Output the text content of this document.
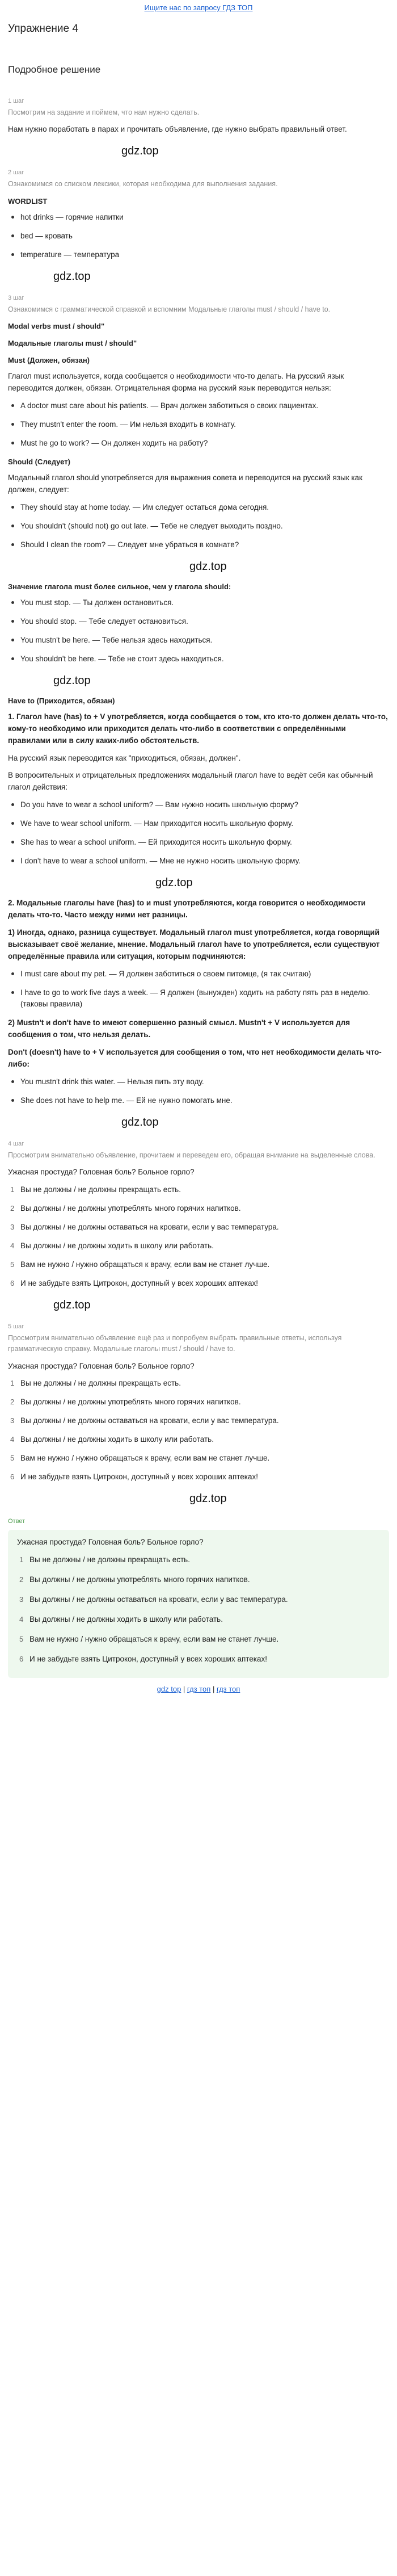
Ищите нас по запросу ГДЗ ТОП
Упражнение 4
Подробное решение
1 шаг
Посмотрим на задание и поймем, что нам нужно сделать.

Нам нужно поработать в парах и прочитать объявление, где нужно выбрать правильный ответ.

gdz.top
2 шаг
Ознакомимся со списком лексики, которая необходима для выполнения задания.
WORDLIST
hot drinks — горячие напитки
bed — кровать
temperature — температура
gdz.top
3 шаг
Ознакомимся с грамматической справкой и вспомним Модальные глаголы must / should / have to.
Modal verbs must / should"
Модальные глаголы must / should"
Must (Должен, обязан)

Глагол must используется, когда сообщается о необходимости что-то делать. На русский язык переводится должен, обязан. Отрицательная форма на русский язык переводится нельзя:

A doctor must care about his patients. — Врач должен заботиться о своих пациентах.
They mustn't enter the room. — Им нельзя входить в комнату.
Must he go to work? — Он должен ходить на работу?
Should (Следует)

Модальный глагол should употребляется для выражения совета и переводится на русский язык как должен, следует:

They should stay at home today. — Им следует остаться дома сегодня.
You shouldn't (should not) go out late. — Тебе не следует выходить поздно.
Should I clean the room? — Следует мне убраться в комнате?
gdz.top
Значение глагола must более сильное, чем у глагола should:
You must stop. — Ты должен остановиться.
You should stop. — Тебе следует остановиться.
You mustn't be here. — Тебе нельзя здесь находиться.
You shouldn't be here. — Тебе не стоит здесь находиться.
gdz.top
Have to (Приходится, обязан)

1. Глагол have (has) to + V употребляется, когда сообщается о том, кто кто-то должен делать что-то, кому-то необходимо или приходится делать что-либо в соответствии с определёнными правилами или в силу каких-либо обстоятельств.

На русский язык переводится как "приходиться, обязан, должен".

В вопросительных и отрицательных предложениях модальный глагол have to ведёт себя как обычный глагол действия:

Do you have to wear a school uniform? — Вам нужно носить школьную форму?
We have to wear school uniform. — Нам приходится носить школьную форму.
She has to wear a school uniform. — Ей приходится носить школьную форму.
I don't have to wear a school uniform. — Мне не нужно носить школьную форму.
gdz.top

2. Модальные глаголы have (has) to и must употребляются, когда говорится о необходимости делать что-то. Часто между ними нет разницы.

1) Иногда, однако, разница существует. Модальный глагол must употребляется, когда говорящий высказывает своё желание, мнение. Модальный глагол have to употребляется, если существуют определённые правила или ситуация, которым подчиняются:

I must care about my pet. — Я должен заботиться о своем питомце, (я так считаю)
I have to go to work five days a week. — Я должен (вынужден) ходить на работу пять раз в неделю. (таковы правила)

2) Mustn't и don't have to имеют совершенно разный смысл. Mustn't + V используется для сообщения о том, что нельзя делать.

Don't (doesn't) have to + V используется для сообщения о том, что нет необходимости делать что-либо:

You mustn't drink this water. — Нельзя пить эту воду.
She does not have to help me. — Ей не нужно помогать мне.
gdz.top
4 шаг
Просмотрим внимательно объявление, прочитаем и переведем его, обращая внимание на выделенные слова.

Ужасная простуда? Головная боль? Больное горло?

1 Вы не должны / не должны прекращать есть.
2 Вы должны / не должны употреблять много горячих напитков.
3 Вы должны / не должны оставаться на кровати, если у вас температура.
4 Вы должны / не должны ходить в школу или работать.
5 Вам не нужно / нужно обращаться к врачу, если вам не станет лучше.
6 И не забудьте взять Цитрокон, доступный у всех хороших аптеках!
gdz.top
5 шаг
Просмотрим внимательно объявление ещё раз и попробуем выбрать правильные ответы, используя грамматическую справку. Модальные глаголы must / should / have to.

Ужасная простуда? Головная боль? Больное горло?

1 Вы не должны / не должны прекращать есть.
2 Вы должны / не должны употреблять много горячих напитков.
3 Вы должны / не должны оставаться на кровати, если у вас температура.
4 Вы должны / не должны ходить в школу или работать.
5 Вам не нужно / нужно обращаться к врачу, если вам не станет лучше.
6 И не забудьте взять Цитрокон, доступный у всех хороших аптеках!
gdz.top
Ответ

Ужасная простуда? Головная боль? Больное горло?

1 Вы не должны / не должны прекращать есть.
2 Вы должны / не должны употреблять много горячих напитков.
3 Вы должны / не должны оставаться на кровати, если у вас температура.
4 Вы должны / не должны ходить в школу или работать.
5 Вам не нужно / нужно обращаться к врачу, если вам не станет лучше.
6 И не забудьте взять Цитрокон, доступный у всех хороших аптеках!
gdz top | гдз топ | гдз топ
